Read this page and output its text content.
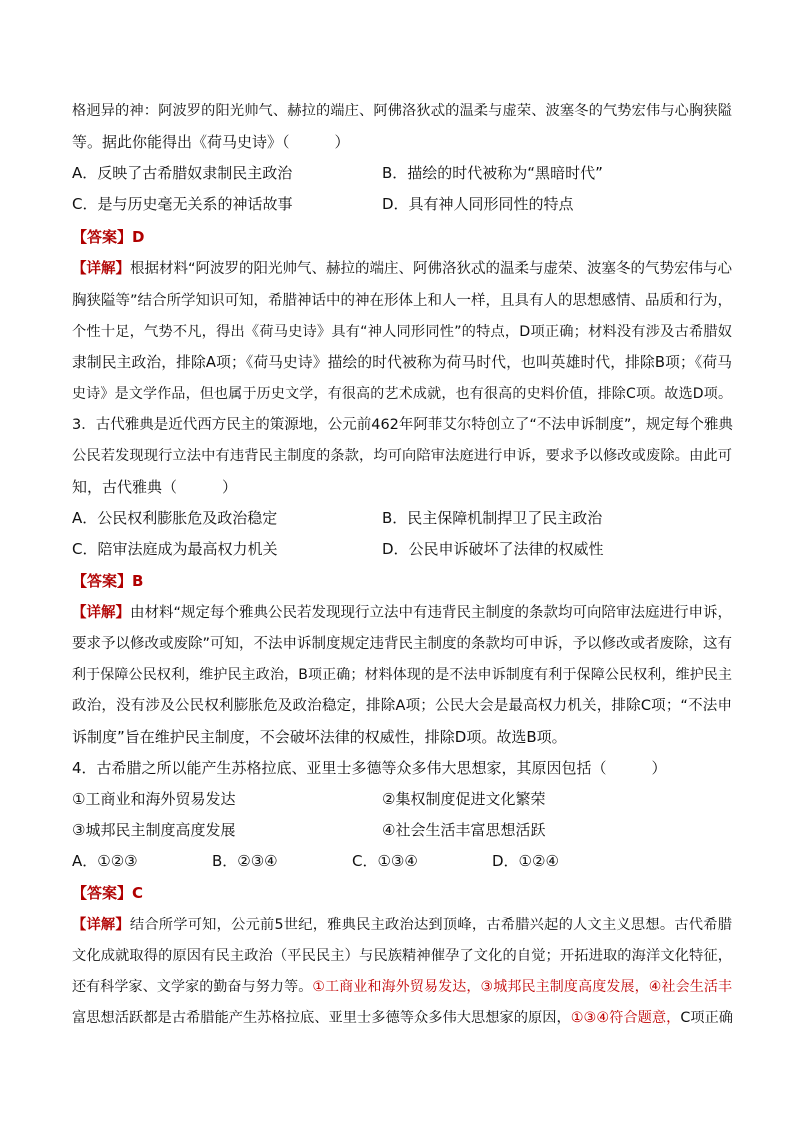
格迥异的神：阿波罗的阳光帅气、赫拉的端庄、阿佛洛狄忒的温柔与虚荣、波塞冬的气势宏伟与心胸狭隘
等。据此你能得出《荷马史诗》（　　　）
A．反映了古希腊奴隶制民主政治	B．描绘的时代被称为“黑暗时代”
C．是与历史毫无关系的神话故事	D．具有神人同形同性的特点
【答案】D
【详解】根据材料“阿波罗的阳光帅气、赫拉的端庄、阿佛洛狄忒的温柔与虚荣、波塞冬的气势宏伟与心
胸狭隘等”结合所学知识可知，希腊神话中的神在形体上和人一样，且具有人的思想感情、品质和行为，
个性十足，气势不凡，得出《荷马史诗》具有“神人同形同性”的特点，D项正确；材料没有涉及古希腊奴
隶制民主政治，排除A项；《荷马史诗》描绘的时代被称为荷马时代，也叫英雄时代，排除B项；《荷马
史诗》是文学作品，但也属于历史文学，有很高的艺术成就，也有很高的史料价值，排除C项。故选D项。
3．古代雅典是近代西方民主的策源地，公元前462年阿菲艾尔特创立了“不法申诉制度”，规定每个雅典
公民若发现现行立法中有违背民主制度的条款，均可向陪审法庭进行申诉，要求予以修改或废除。由此可
知，古代雅典（　　　）
A．公民权利膨胀危及政治稳定	B．民主保障机制捍卫了民主政治
C．陪审法庭成为最高权力机关	D．公民申诉破坏了法律的权威性
【答案】B
【详解】由材料“规定每个雅典公民若发现现行立法中有违背民主制度的条款均可向陪审法庭进行申诉，
要求予以修改或废除”可知，不法申诉制度规定违背民主制度的条款均可申诉，予以修改或者废除，这有
利于保障公民权利，维护民主政治，B项正确；材料体现的是不法申诉制度有利于保障公民权利，维护民主
政治，没有涉及公民权利膨胀危及政治稳定，排除A项；公民大会是最高权力机关，排除C项；“不法申
诉制度”旨在维护民主制度，不会破坏法律的权威性，排除D项。故选B项。
4．古希腊之所以能产生苏格拉底、亚里士多德等众多伟大思想家，其原因包括（　　　）
①工商业和海外贸易发达	②集权制度促进文化繁荣
③城邦民主制度高度发展	④社会生活丰富思想活跃
A．①②③	B．②③④	C．①③④	D．①②④
【答案】C
【详解】结合所学可知，公元前5世纪，雅典民主政治达到顶峰，古希腊兴起的人文主义思想。古代希腊
文化成就取得的原因有民主政治（平民民主）与民族精神催孕了文化的自觉；开拓进取的海洋文化特征，
还有科学家、文学家的勤奋与努力等。①工商业和海外贸易发达，③城邦民主制度高度发展，④社会生活丰
富思想活跃都是古希腊能产生苏格拉底、亚里士多德等众多伟大思想家的原因，①③④符合题意，C项正确
